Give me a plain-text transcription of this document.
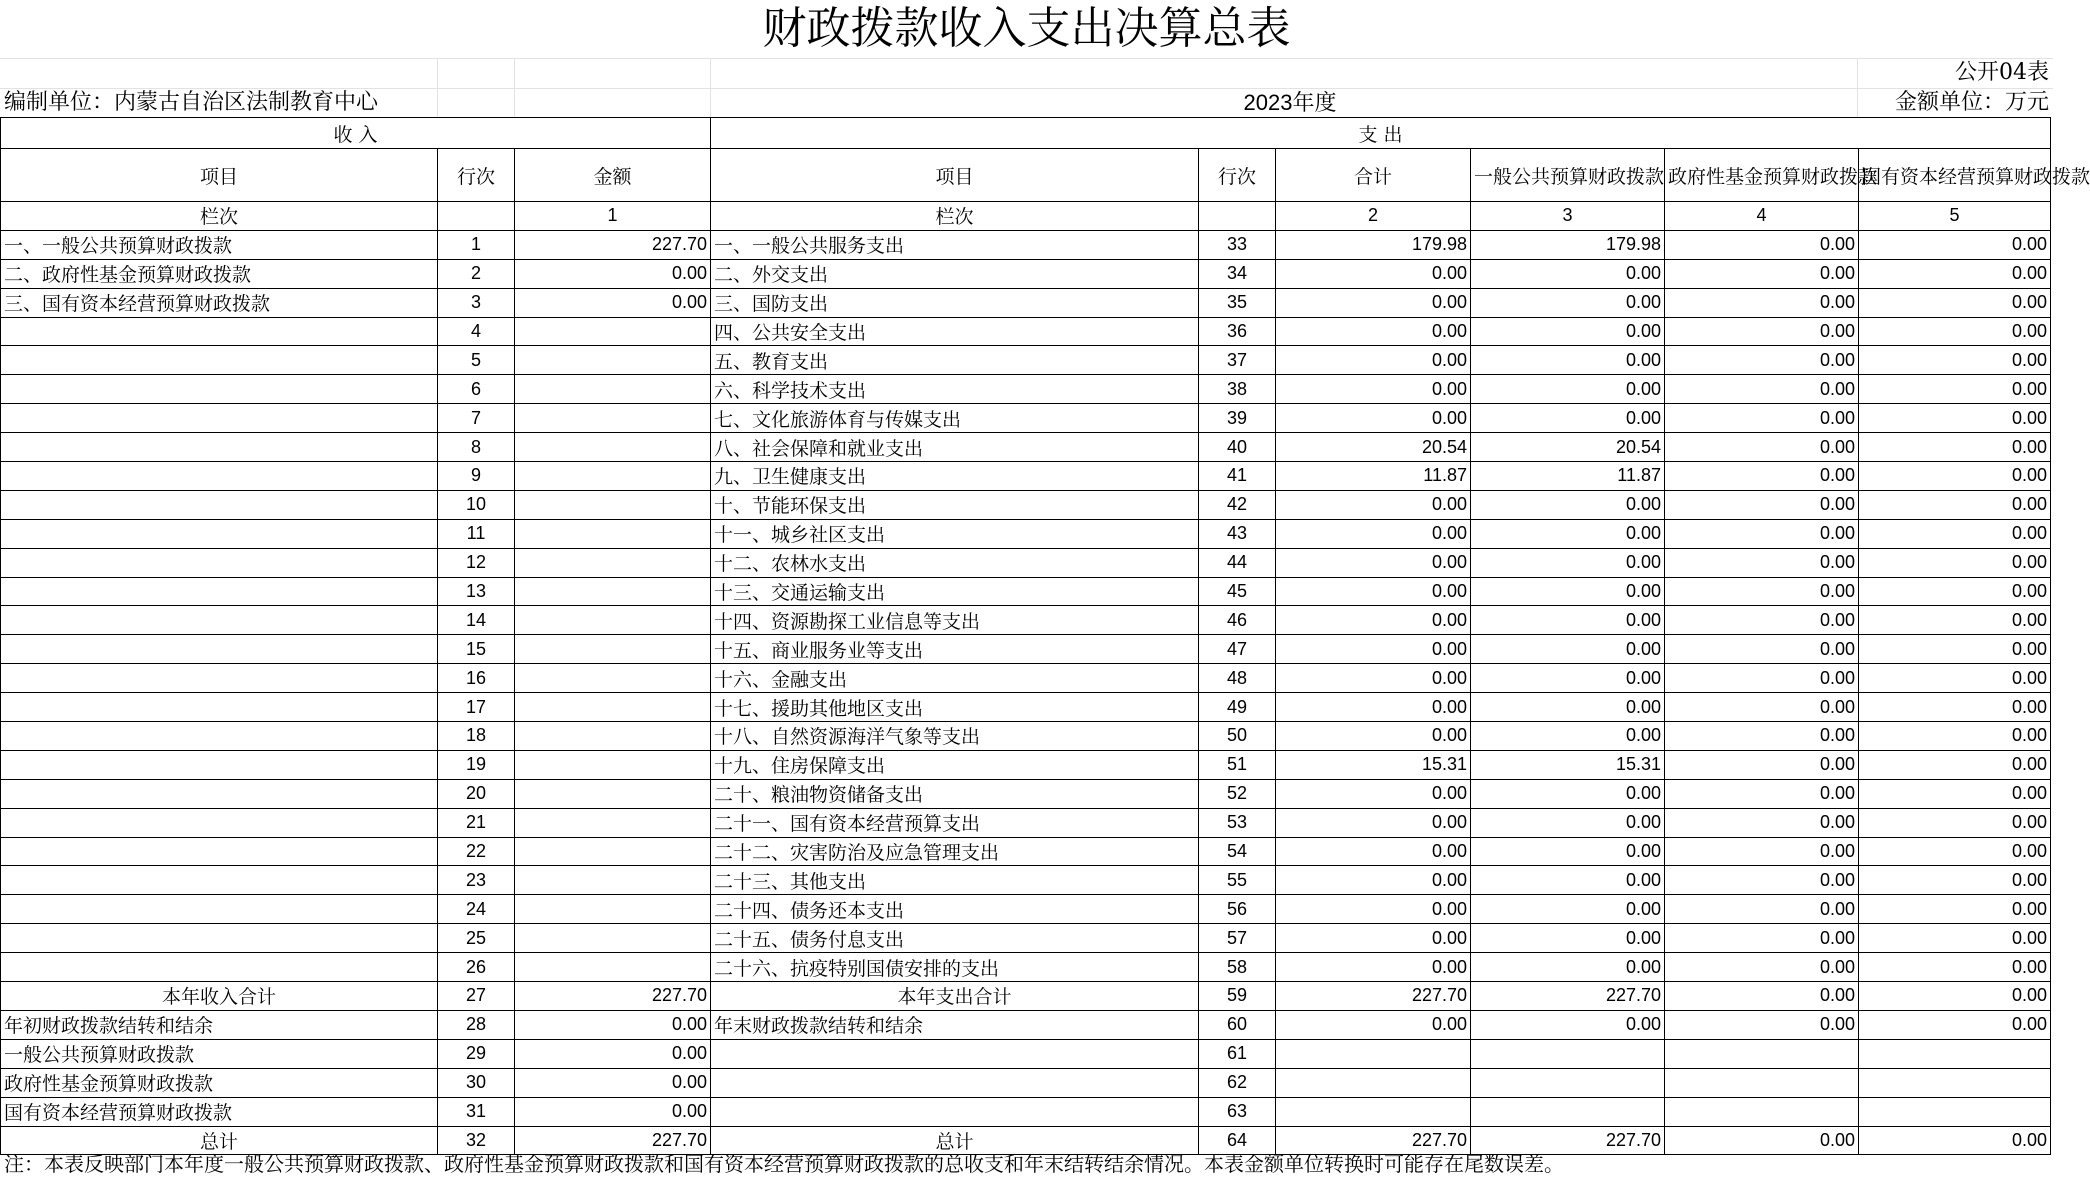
财政拨款收入支出决算总表
公开04表
编制单位：内蒙古自治区法制教育中心	2023年度	金额单位：万元
收 入			支 出					
项目	行次	金额	项目	行次	合计	一般公共预算财政拨款	政府性基金预算财政拨款	国有资本经营预算财政拨款
栏次		1	栏次		2	3	4	5
一、一般公共预算财政拨款	1	227.70	一、一般公共服务支出	33	179.98	179.98	0.00	0.00
二、政府性基金预算财政拨款	2	0.00	二、外交支出	34	0.00	0.00	0.00	0.00
三、国有资本经营预算财政拨款	3	0.00	三、国防支出	35	0.00	0.00	0.00	0.00
	4		四、公共安全支出	36	0.00	0.00	0.00	0.00
	5		五、教育支出	37	0.00	0.00	0.00	0.00
	6		六、科学技术支出	38	0.00	0.00	0.00	0.00
	7		七、文化旅游体育与传媒支出	39	0.00	0.00	0.00	0.00
	8		八、社会保障和就业支出	40	20.54	20.54	0.00	0.00
	9		九、卫生健康支出	41	11.87	11.87	0.00	0.00
	10		十、节能环保支出	42	0.00	0.00	0.00	0.00
	11		十一、城乡社区支出	43	0.00	0.00	0.00	0.00
	12		十二、农林水支出	44	0.00	0.00	0.00	0.00
	13		十三、交通运输支出	45	0.00	0.00	0.00	0.00
	14		十四、资源勘探工业信息等支出	46	0.00	0.00	0.00	0.00
	15		十五、商业服务业等支出	47	0.00	0.00	0.00	0.00
	16		十六、金融支出	48	0.00	0.00	0.00	0.00
	17		十七、援助其他地区支出	49	0.00	0.00	0.00	0.00
	18		十八、自然资源海洋气象等支出	50	0.00	0.00	0.00	0.00
	19		十九、住房保障支出	51	15.31	15.31	0.00	0.00
	20		二十、粮油物资储备支出	52	0.00	0.00	0.00	0.00
	21		二十一、国有资本经营预算支出	53	0.00	0.00	0.00	0.00
	22		二十二、灾害防治及应急管理支出	54	0.00	0.00	0.00	0.00
	23		二十三、其他支出	55	0.00	0.00	0.00	0.00
	24		二十四、债务还本支出	56	0.00	0.00	0.00	0.00
	25		二十五、债务付息支出	57	0.00	0.00	0.00	0.00
	26		二十六、抗疫特别国债安排的支出	58	0.00	0.00	0.00	0.00
本年收入合计	27	227.70	本年支出合计	59	227.70	227.70	0.00	0.00
年初财政拨款结转和结余	28	0.00	年末财政拨款结转和结余	60	0.00	0.00	0.00	0.00
一般公共预算财政拨款	29	0.00		61				
政府性基金预算财政拨款	30	0.00		62				
国有资本经营预算财政拨款	31	0.00		63				
总计	32	227.70	总计	64	227.70	227.70	0.00	0.00
注：本表反映部门本年度一般公共预算财政拨款、政府性基金预算财政拨款和国有资本经营预算财政拨款的总收支和年末结转结余情况。本表金额单位转换时可能存在尾数误差。
